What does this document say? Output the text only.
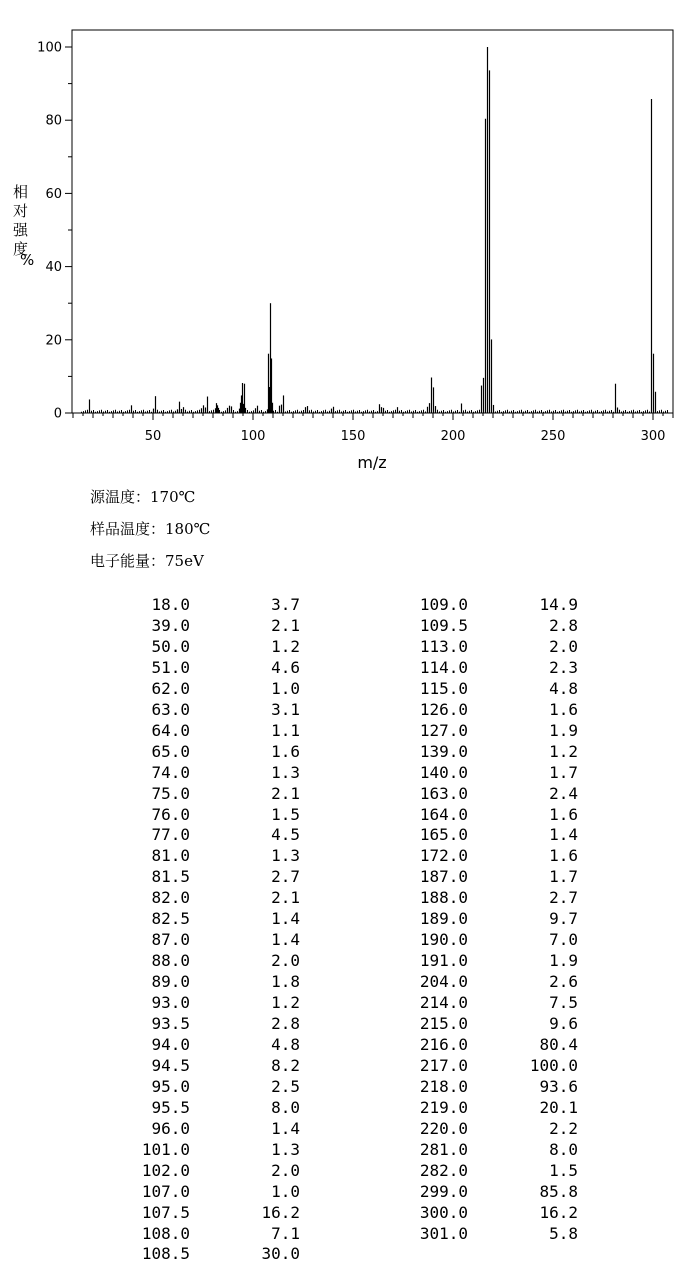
0
20
40
60
80
100
50	100	150	200	250	300
相对强度%
m/z
源温度：170℃
样品温度：180℃
电子能量：75eV
18.0	3.7
39.0	2.1
50.0	1.2
51.0	4.6
62.0	1.0
63.0	3.1
64.0	1.1
65.0	1.6
74.0	1.3
75.0	2.1
76.0	1.5
77.0	4.5
81.0	1.3
81.5	2.7
82.0	2.1
82.5	1.4
87.0	1.4
88.0	2.0
89.0	1.8
93.0	1.2
93.5	2.8
94.0	4.8
94.5	8.2
95.0	2.5
95.5	8.0
96.0	1.4
101.0	1.3
102.0	2.0
107.0	1.0
107.5	16.2
108.0	7.1
108.5	30.0
109.0	14.9
109.5	2.8
113.0	2.0
114.0	2.3
115.0	4.8
126.0	1.6
127.0	1.9
139.0	1.2
140.0	1.7
163.0	2.4
164.0	1.6
165.0	1.4
172.0	1.6
187.0	1.7
188.0	2.7
189.0	9.7
190.0	7.0
191.0	1.9
204.0	2.6
214.0	7.5
215.0	9.6
216.0	80.4
217.0	100.0
218.0	93.6
219.0	20.1
220.0	2.2
281.0	8.0
282.0	1.5
299.0	85.8
300.0	16.2
301.0	5.8
